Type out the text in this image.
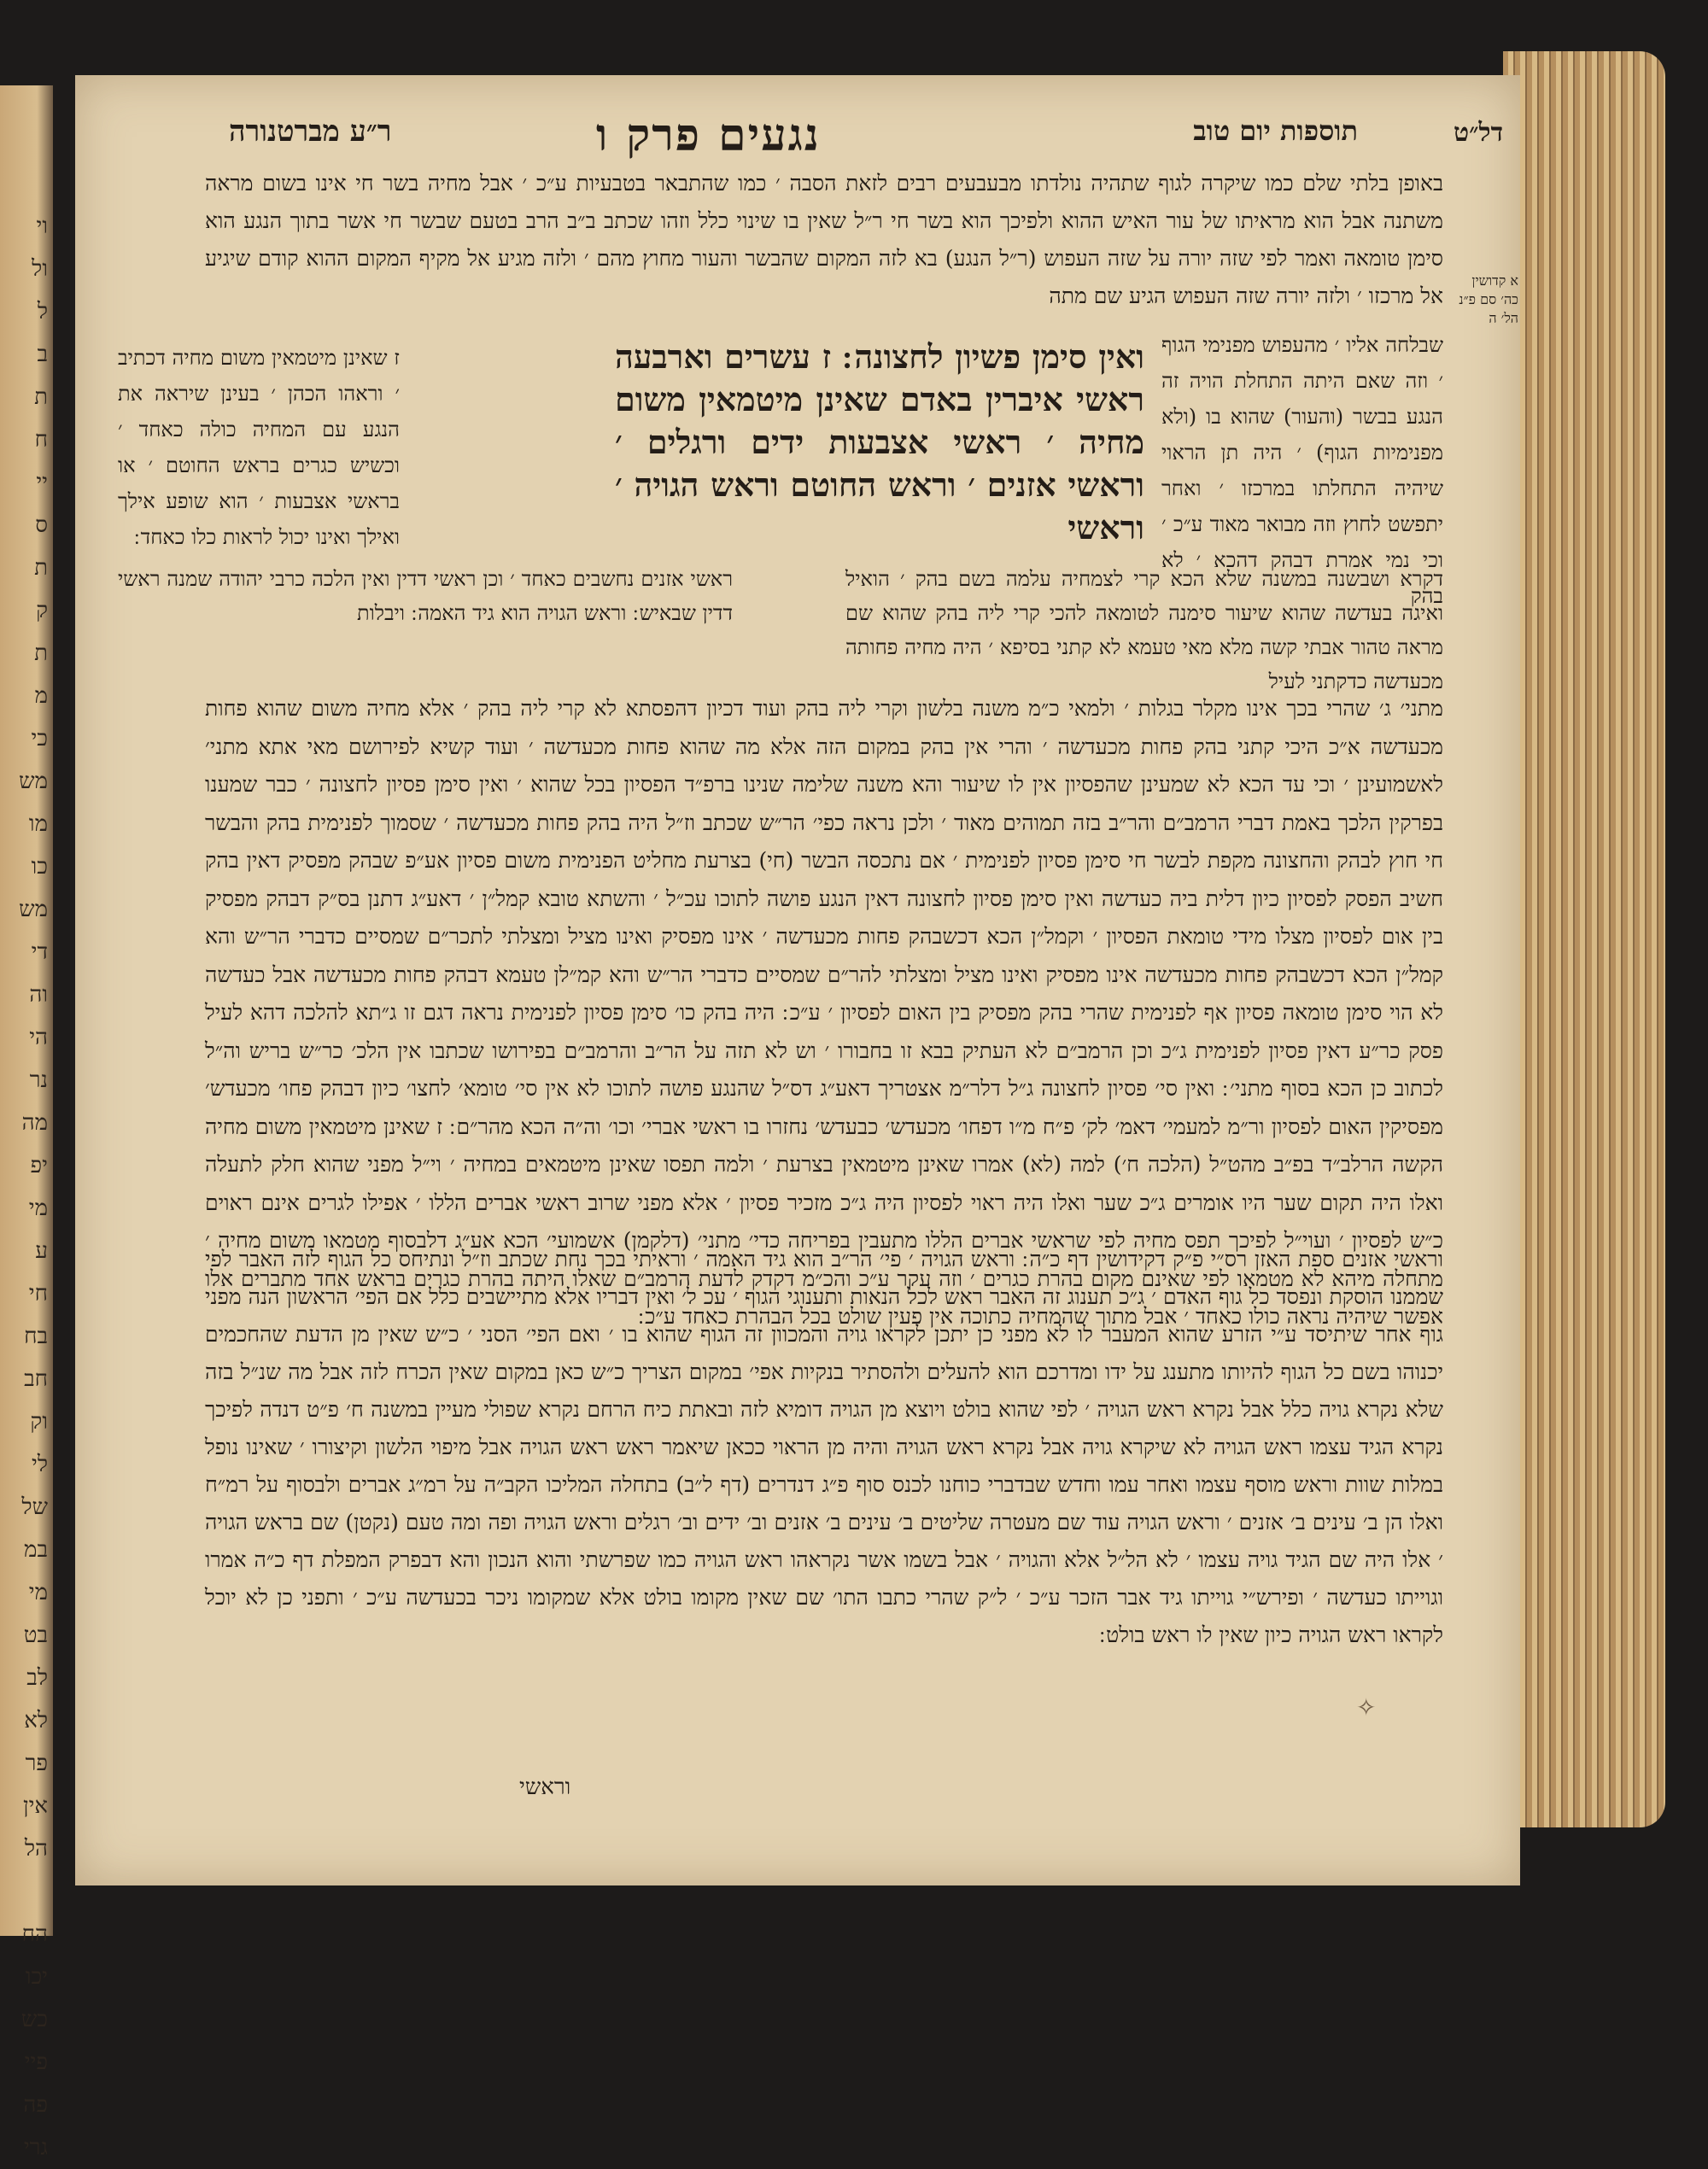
וי
ול
ל
ב
ת
ח
יי
ס
ת
ק
ת
מ
כי
מש
מו
כו
מש
די
וה
הי
נר
מה
יפ
מי
ע
חי
בח
חב
וק
לי
של
במ
מי
בט
לב
לא
פר
אין
הל

הח
יכו
כש
פיי
פה
גרי
דל״ט
תוספות יום טוב
נגעים פרק ו
ר״ע מברטנורה
א קדושין כה׳ סם פ״נ הל׳ ה
באופן בלתי שלם כמו שיקרה לגוף שתהיה נולדתו מבעבעים רבים לזאת הסבה ׳ כמו שהתבאר בטבעיות ע״כ ׳ אבל מחיה בשר חי אינו בשום מראה משתנה אבל הוא מראיתו של עור האיש ההוא ולפיכך הוא בשר חי ר״ל שאין בו שינוי כלל וזהו שכתב ב״ב הרב בטעם שבשר חי אשר בתוך הנגע הוא סימן טומאה ואמר לפי שזה יורה על שזה העפוש (ר״ל הנגע) בא לזה המקום שהבשר והעור מחוץ מהם ׳ ולזה מגיע אל מקיף המקום ההוא קודם שיגיע אל מרכזו ׳ ולזה יורה שזה העפוש הגיע שם מתה
שבלחה אליו ׳ מהעפוש מפנימי הגוף ׳ וזה שאם היתה התחלת הויה זה הנגע בבשר (והעור) שהוא בו (ולא מפנימיות הגוף) ׳ היה תן הראוי שיהיה התחלתו במרכזו ׳ ואחר יתפשט לחוץ וזה מבואר מאוד ע״כ ׳ וכי נמי אמרת דבהק דהכא ׳ לא בהק
ואין סימן פשיון לחצונה ׃ ז עשרים וארבעה ראשי איברין באדם שאינן מיטמאין משום מחיה ׳ ראשי אצבעות ידים ורגלים ׳ וראשי אזנים ׳ וראש החוטם וראש הגויה ׳ וראשי
ז שאינן מיטמאין משום מחיה דכתיב ׳ וראהו הכהן ׳ בעינן שיראה את הנגע עם המחיה כולה כאחד ׳ וכשיש כגרים בראש החוטם ׳ או בראשי אצבעות ׳ הוא שופע אילך ואילך ואינו יכול לראות כלו כאחד ׃
ראשי אזנים נחשבים כאחד ׳ וכן ראשי דדין ואין הלכה כרבי יהודה שמנה ראשי דדין שבאיש ׃ וראש הגויה הוא גיד האמה ׃ ויבלות
דקרא ושבשנה במשנה שלא הכא קרי לצמחיה עלמה בשם בהק ׳ הואיל ואיגה בעדשה שהוא שיעור סימנה לטומאה להכי קרי ליה בהק שהוא שם מראה טהור אבתי קשה מלא מאי טעמא לא קתני בסיפא ׳ היה מחיה פחותה מכעדשה כדקתני לעיל
מתני׳ ג׳ שהרי בכך אינו מקלר בגלות ׳ ולמאי כ״מ משנה בלשון וקרי ליה בהק ועוד דכיון דהפסתא לא קרי ליה בהק ׳ אלא מחיה משום שהוא פחות מכעדשה א״כ היכי קתני בהק פחות מכעדשה ׳ והרי אין בהק במקום הזה אלא מה שהוא פחות מכעדשה ׳ ועוד קשיא לפירושם מאי אתא מתני׳ לאשמועינן ׳ וכי עד הכא לא שמעינן שהפסיון אין לו שיעור והא משנה שלימה שנינו ברפ״ד הפסיון בכל שהוא ׳ ואין סימן פסיון לחצונה ׳ כבר שמענו בפרקין הלכך באמת דברי הרמב״ם והר״ב בזה תמוהים מאוד ׳ ולכן נראה כפי׳ הר״ש שכתב וז״ל היה בהק פחות מכעדשה ׳ שסמוך לפנימית בהק והבשר חי חוץ לבהק והחצונה מקפת לבשר חי סימן פסיון לפנימית ׳ אם נתכסה הבשר (חי) בצרעת מחליט הפנימית משום פסיון אע״פ שבהק מפסיק דאין בהק חשיב הפסק לפסיון כיון דלית ביה כעדשה ואין סימן פסיון לחצונה דאין הנגע פושה לתוכו עכ״ל ׳ והשתא טובא קמל״ן ׳ דאע״ג דתנן בס״ק דבהק מפסיק בין אום לפסיון מצלו מידי טומאת הפסיון ׳ וקמל״ן הכא דכשבהק פחות מכעדשה ׳ אינו מפסיק ואינו מציל ומצלתי לתכר״ם שמסיים כדברי הר״ש והא קמל״ן הכא דכשבהק פחות מכעדשה אינו מפסיק ואינו מציל ומצלתי להר״ם שמסיים כדברי הר״ש והא קמ״לן טעמא דבהק פחות מכעדשה אבל כעדשה לא הוי סימן טומאה פסיון אף לפנימית שהרי בהק מפסיק בין האום לפסיון ׳ ע״כ ׃ היה בהק כו׳ סימן פסיון לפנימית נראה דגם זו ג״תא להלכה דהא לעיל פסק כר״ע דאין פסיון לפנימית ג״כ וכן הרמב״ם לא העתיק בבא זו בחבורו ׳ וש לא תזה על הר״ב והרמב״ם בפירושו שכתבו אין הלכ׳ כר״ש בריש וה״ל לכתוב כן הכא בסוף מתני׳ ׃ ואין סי׳ פסיון לחצונה ג״ל דלר״מ אצטריך דאע״ג דס״ל שהנגע פושה לתוכו לא אין סי׳ טומא׳ לחצו׳ כיון דבהק פחו׳ מכעדש׳ מפסיקין האום לפסיון ור״מ למעמי׳ דאמ׳ לק׳ פ״ח מ״ו דפחו׳ מכעדש׳ כבעדש׳ נחזרו בו ראשי אברי׳ וכו׳ וה״ה הכא מהר״ם ׃ ז שאינן מיטמאין משום מחיה הקשה הרלב״ד בפ״ב מהט״ל (הלכה ח׳) למה (לא) אמרו שאינן מיטמאין בצרעת ׳ ולמה תפסו שאינן מיטמאים במחיה ׳ וי״ל מפני שהוא חלק לתעלה ואלו היה תקום שער היו אומרים ג״כ שער ואלו היה ראוי לפסיון היה ג״כ מזכיר פסיון ׳ אלא מפני שרוב ראשי אברים הללו ׳ אפילו לגרים אינם ראוים כ״ש לפסיון ׳ ועוי״ל לפיכך תפס מחיה לפי שראשי אברים הללו מתעבין בפריחה כדי׳ מתני׳ (דלקמן) אשמועי׳ הכא אע״ג דלבסוף מטמאו משום מחיה ׳ מתחלה מיהא לא מטמאו לפי שאינם מקום בהרת כגרים ׳ וזה עקר ע״כ והכ״מ דקדק לדעת הרמב״ם שאלו היתה בהרת כגרים בראש אחד מתברים אלו אפשר שיהיה נראה כולו כאחד ׳ אבל מתוך שהמחיה כתוכה אין פעין שולט בכל הבהרת כאחד ע״כ ׃
וראשי אזנים ספת האזן רס״י פ״ק דקידושין דף כ״ה ׃ וראש הגויה ׳ פי׳ הר״ב הוא גיד האמה ׳ וראיתי בכך נחת שכתב וז״ל ונתיחס כל הגוף לזה האבר לפי שממנו הוסקת ונפסד כל גוף האדם ׳ ג״כ תענוג זה האבר ראש לכל הנאות ותענוגי הגוף ׳ עכ ל׳ ואין דבריו אלא מתיישבים כלל אם הפי׳ הראשון הנה מפני גוף אחר שיתיסד ע״י הזרע שהוא המעבר לו לא מפני כן יתכן לקראו גויה והמכוון זה הגוף שהוא בו ׳ ואם הפי׳ הסני ׳ כ״ש שאין מן הדעת שהחכמים יכנוהו בשם כל הגוף להיותו מתענג על ידו ומדרכם הוא להעלים ולהסתיר בנקיות אפי׳ במקום הצריך כ״ש כאן במקום שאין הכרח לזה אבל מה שנ״ל בזה שלא נקרא גויה כלל אבל נקרא ראש הגויה ׳ לפי שהוא בולט ויוצא מן הגויה דומיא לזה ובאתת כיח הרחם נקרא שפולי מעיין במשנה ח׳ פ״ט דנדה לפיכך נקרא הגיד עצמו ראש הגויה לא שיקרא גויה אבל נקרא ראש הגויה והיה מן הראוי ככאן שיאמר ראש ראש הגויה אבל מיפוי הלשון וקיצורו ׳ שאינו נופל במלות שוות וראש מוסף עצמו ואחר עמו וחדש שבדברי כוחנו לכנס סוף פ״ג דנדרים (דף ל״ב) בתחלה המליכו הקב״ה על רמ״ג אברים ולבסוף על רמ״ח ואלו הן ב׳ עינים ב׳ אזנים ׳ וראש הגויה עוד שם מעטרה שליטים ב׳ עינים ב׳ אזנים וב׳ ידים וב׳ רגלים וראש הגויה ופה ומה טעם (נקטן) שם בראש הגויה ׳ אלו היה שם הגיד גויה עצמו ׳ לא הל״ל אלא והגויה ׳ אבל בשמו אשר נקראהו ראש הגויה כמו שפרשתי והוא הנכון והא דבפרק המפלת דף כ״ה אמרו וגוייתו כעדשה ׳ ופירש״י גוייתו גיד אבר הזכר ע״כ ׳ ל״ק שהרי כתבו התו׳ שם שאין מקומו בולט אלא שמקומו ניכר בכעדשה ע״כ ׳ ותפני כן לא יוכל לקראו ראש הגויה כיון שאין לו ראש בולט ׃
וראשי
✧
